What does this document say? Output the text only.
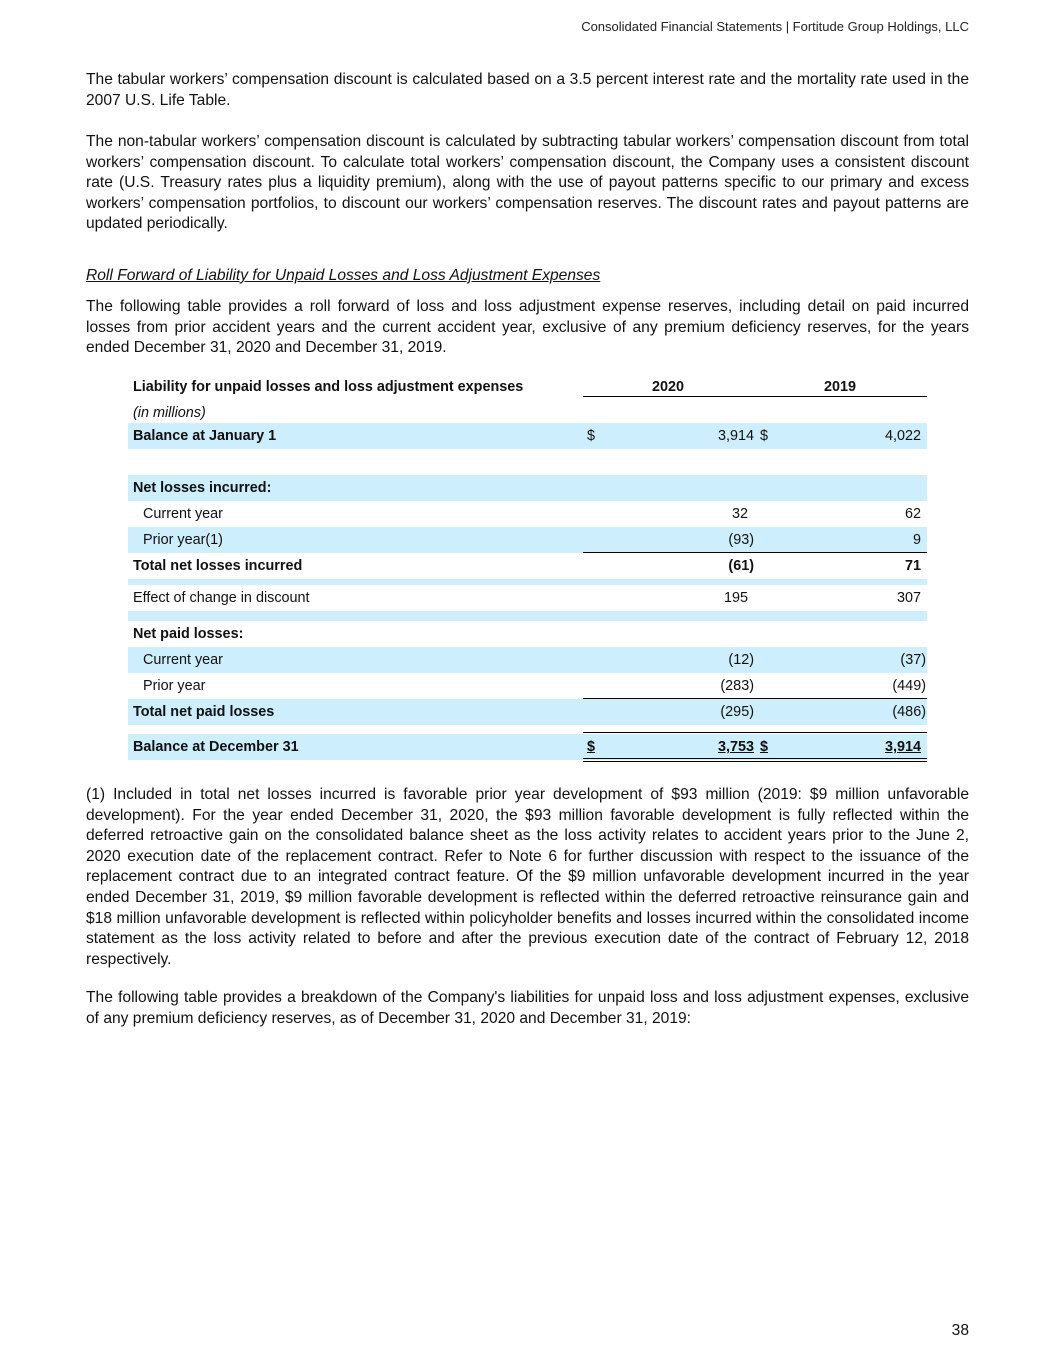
Consolidated Financial Statements | Fortitude Group Holdings, LLC

The tabular workers’ compensation discount is calculated based on a 3.5 percent interest rate and the mortality rate used in the 2007 U.S. Life Table.

The non-tabular workers’ compensation discount is calculated by subtracting tabular workers’ compensation discount from total workers’ compensation discount. To calculate total workers’ compensation discount, the Company uses a consistent discount rate (U.S. Treasury rates plus a liquidity premium), along with the use of payout patterns specific to our primary and excess workers’ compensation portfolios, to discount our workers’ compensation reserves. The discount rates and payout patterns are updated periodically.

Roll Forward of Liability for Unpaid Losses and Loss Adjustment Expenses

The following table provides a roll forward of loss and loss adjustment expense reserves, including detail on paid incurred losses from prior accident years and the current accident year, exclusive of any premium deficiency reserves, for the years ended December 31, 2020 and December 31, 2019.

Liability for unpaid losses and loss adjustment expenses	2020	2019
(in millions)
Balance at January 1	$	3,914 $	4,022
Net losses incurred:
Current year	32	62
Prior year(1)	(93)	9
Total net losses incurred	(61)	71
Effect of change in discount	195	307
Net paid losses:
Current year	(12)	(37)
Prior year	(283)	(449)
Total net paid losses	(295)	(486)
Balance at December 31	$	3,753 $	3,914

(1) Included in total net losses incurred is favorable prior year development of $93 million (2019: $9 million unfavorable development). For the year ended December 31, 2020, the $93 million favorable development is fully reflected within the deferred retroactive gain on the consolidated balance sheet as the loss activity relates to accident years prior to the June 2, 2020 execution date of the replacement contract. Refer to Note 6 for further discussion with respect to the issuance of the replacement contract due to an integrated contract feature. Of the $9 million unfavorable development incurred in the year ended December 31, 2019, $9 million favorable development is reflected within the deferred retroactive reinsurance gain and $18 million unfavorable development is reflected within policyholder benefits and losses incurred within the consolidated income statement as the loss activity related to before and after the previous execution date of the contract of February 12, 2018 respectively.

The following table provides a breakdown of the Company's liabilities for unpaid loss and loss adjustment expenses, exclusive of any premium deficiency reserves, as of December 31, 2020 and December 31, 2019:

38
